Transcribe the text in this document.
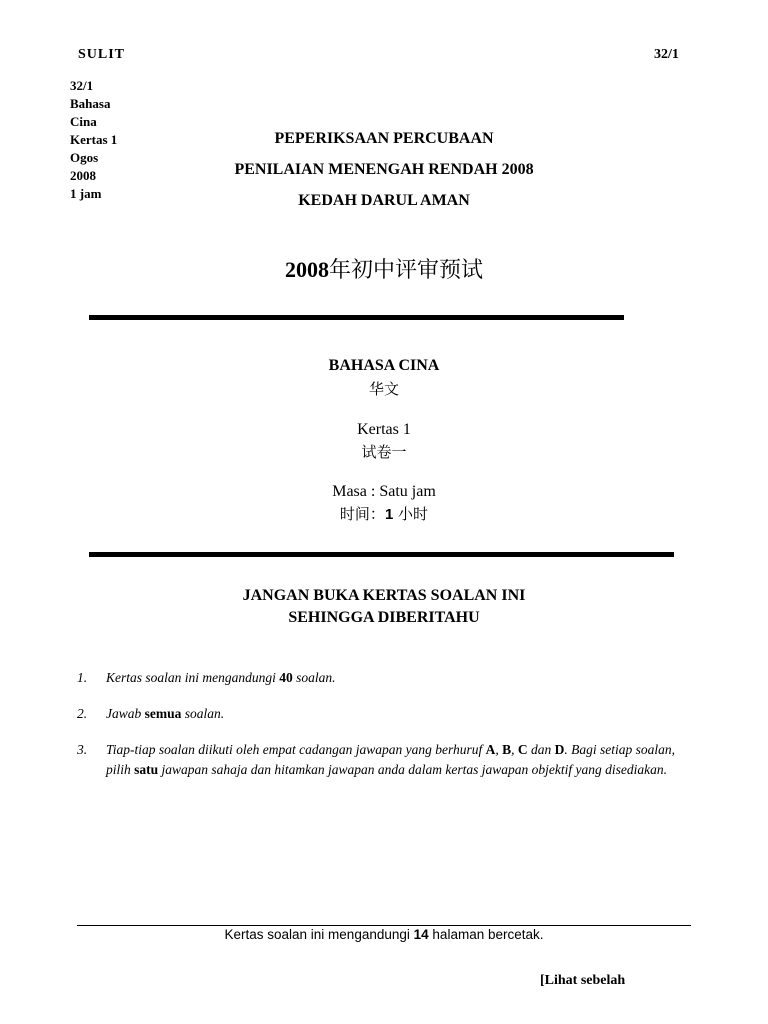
SULIT	32/1
32/1
Bahasa
Cina
Kertas 1
Ogos
2008
1 jam
PEPERIKSAAN PERCUBAAN
PENILAIAN MENENGAH RENDAH 2008
KEDAH DARUL AMAN
2008年初中评审预试
BAHASA CINA
华文
Kertas 1
试卷一
Masa : Satu jam
时间：1 小时
JANGAN BUKA KERTAS SOALAN INI
SEHINGGA DIBERITAHU
1. Kertas soalan ini mengandungi 40 soalan.
2. Jawab semua soalan.
3. Tiap-tiap soalan diikuti oleh empat cadangan jawapan yang berhuruf A, B, C dan D. Bagi setiap soalan, pilih satu jawapan sahaja dan hitamkan jawapan anda dalam kertas jawapan objektif yang disediakan.
Kertas soalan ini mengandungi 14 halaman bercetak.
[Lihat sebelah
